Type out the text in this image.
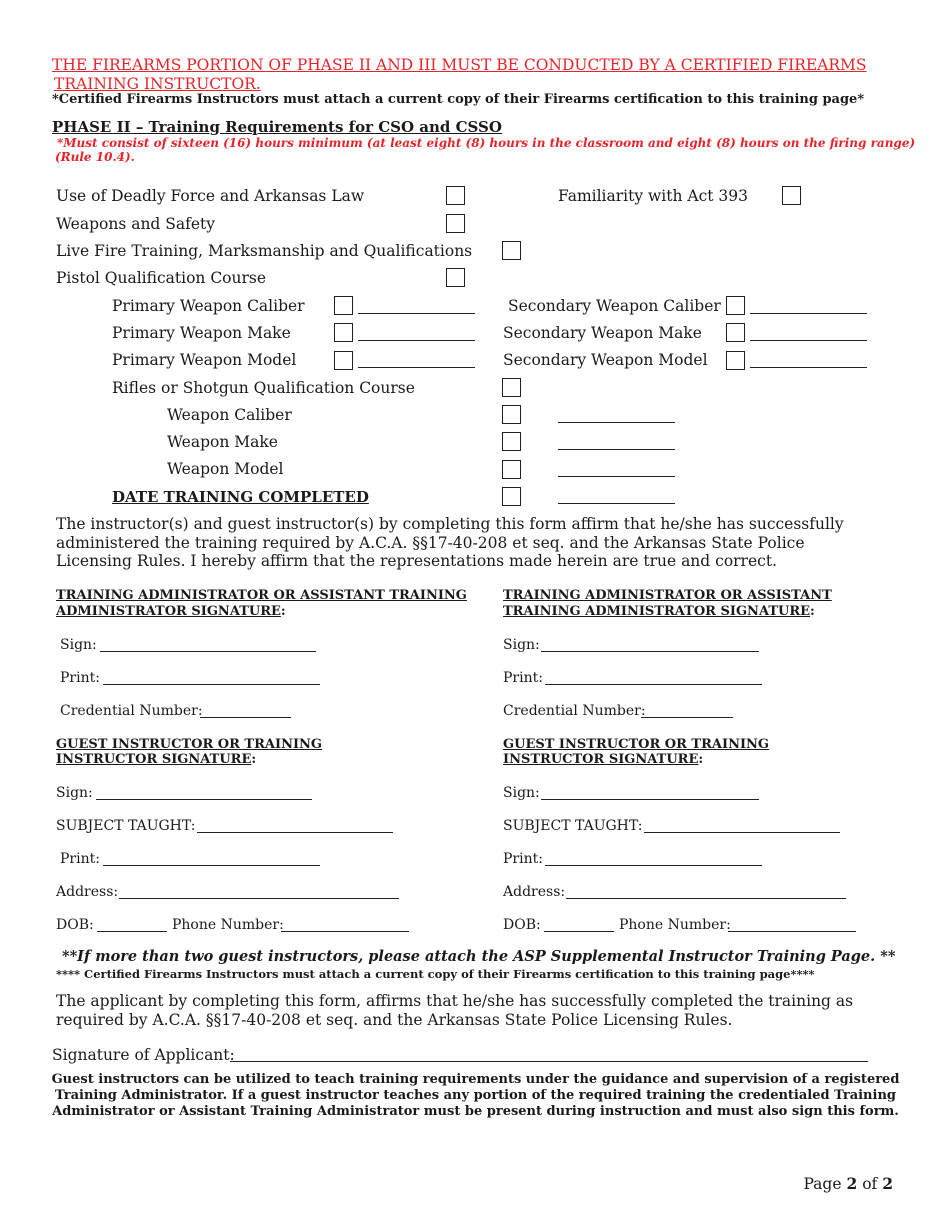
THE FIREARMS PORTION OF PHASE II AND III MUST BE CONDUCTED BY A CERTIFIED FIREARMS
TRAINING INSTRUCTOR.
*Certified Firearms Instructors must attach a current copy of their Firearms certification to this training page*
PHASE II – Training Requirements for CSO and CSSO
*Must consist of sixteen (16) hours minimum (at least eight (8) hours in the classroom and eight (8) hours on the firing range)
(Rule 10.4).
Use of Deadly Force and Arkansas Law	Familiarity with Act 393
Weapons and Safety
Live Fire Training, Marksmanship and Qualifications
Pistol Qualification Course
Primary Weapon Caliber	Secondary Weapon Caliber
Primary Weapon Make	Secondary Weapon Make
Primary Weapon Model	Secondary Weapon Model
Rifles or Shotgun Qualification Course
Weapon Caliber
Weapon Make
Weapon Model
DATE TRAINING COMPLETED
The instructor(s) and guest instructor(s) by completing this form affirm that he/she has successfully administered the training required by A.C.A. §§17-40-208 et seq. and the Arkansas State Police Licensing Rules. I hereby affirm that the representations made herein are true and correct.
TRAINING ADMINISTRATOR OR ASSISTANT TRAINING
ADMINISTRATOR SIGNATURE:
TRAINING ADMINISTRATOR OR ASSISTANT
TRAINING ADMINISTRATOR SIGNATURE:
Sign:	Sign:
Print:	Print:
Credential Number:	Credential Number:
GUEST INSTRUCTOR OR TRAINING
INSTRUCTOR SIGNATURE:
GUEST INSTRUCTOR OR TRAINING
INSTRUCTOR SIGNATURE:
Sign:	Sign:
SUBJECT TAUGHT:	SUBJECT TAUGHT:
Print:	Print:
Address:	Address:
DOB:	Phone Number:	DOB:	Phone Number:
**If more than two guest instructors, please attach the ASP Supplemental Instructor Training Page. **
**** Certified Firearms Instructors must attach a current copy of their Firearms certification to this training page****
The applicant by completing this form, affirms that he/she has successfully completed the training as required by A.C.A. §§17-40-208 et seq. and the Arkansas State Police Licensing Rules.
Signature of Applicant:
Guest instructors can be utilized to teach training requirements under the guidance and supervision of a registered Training Administrator. If a guest instructor teaches any portion of the required training the credentialed Training Administrator or Assistant Training Administrator must be present during instruction and must also sign this form.
Page 2 of 2
